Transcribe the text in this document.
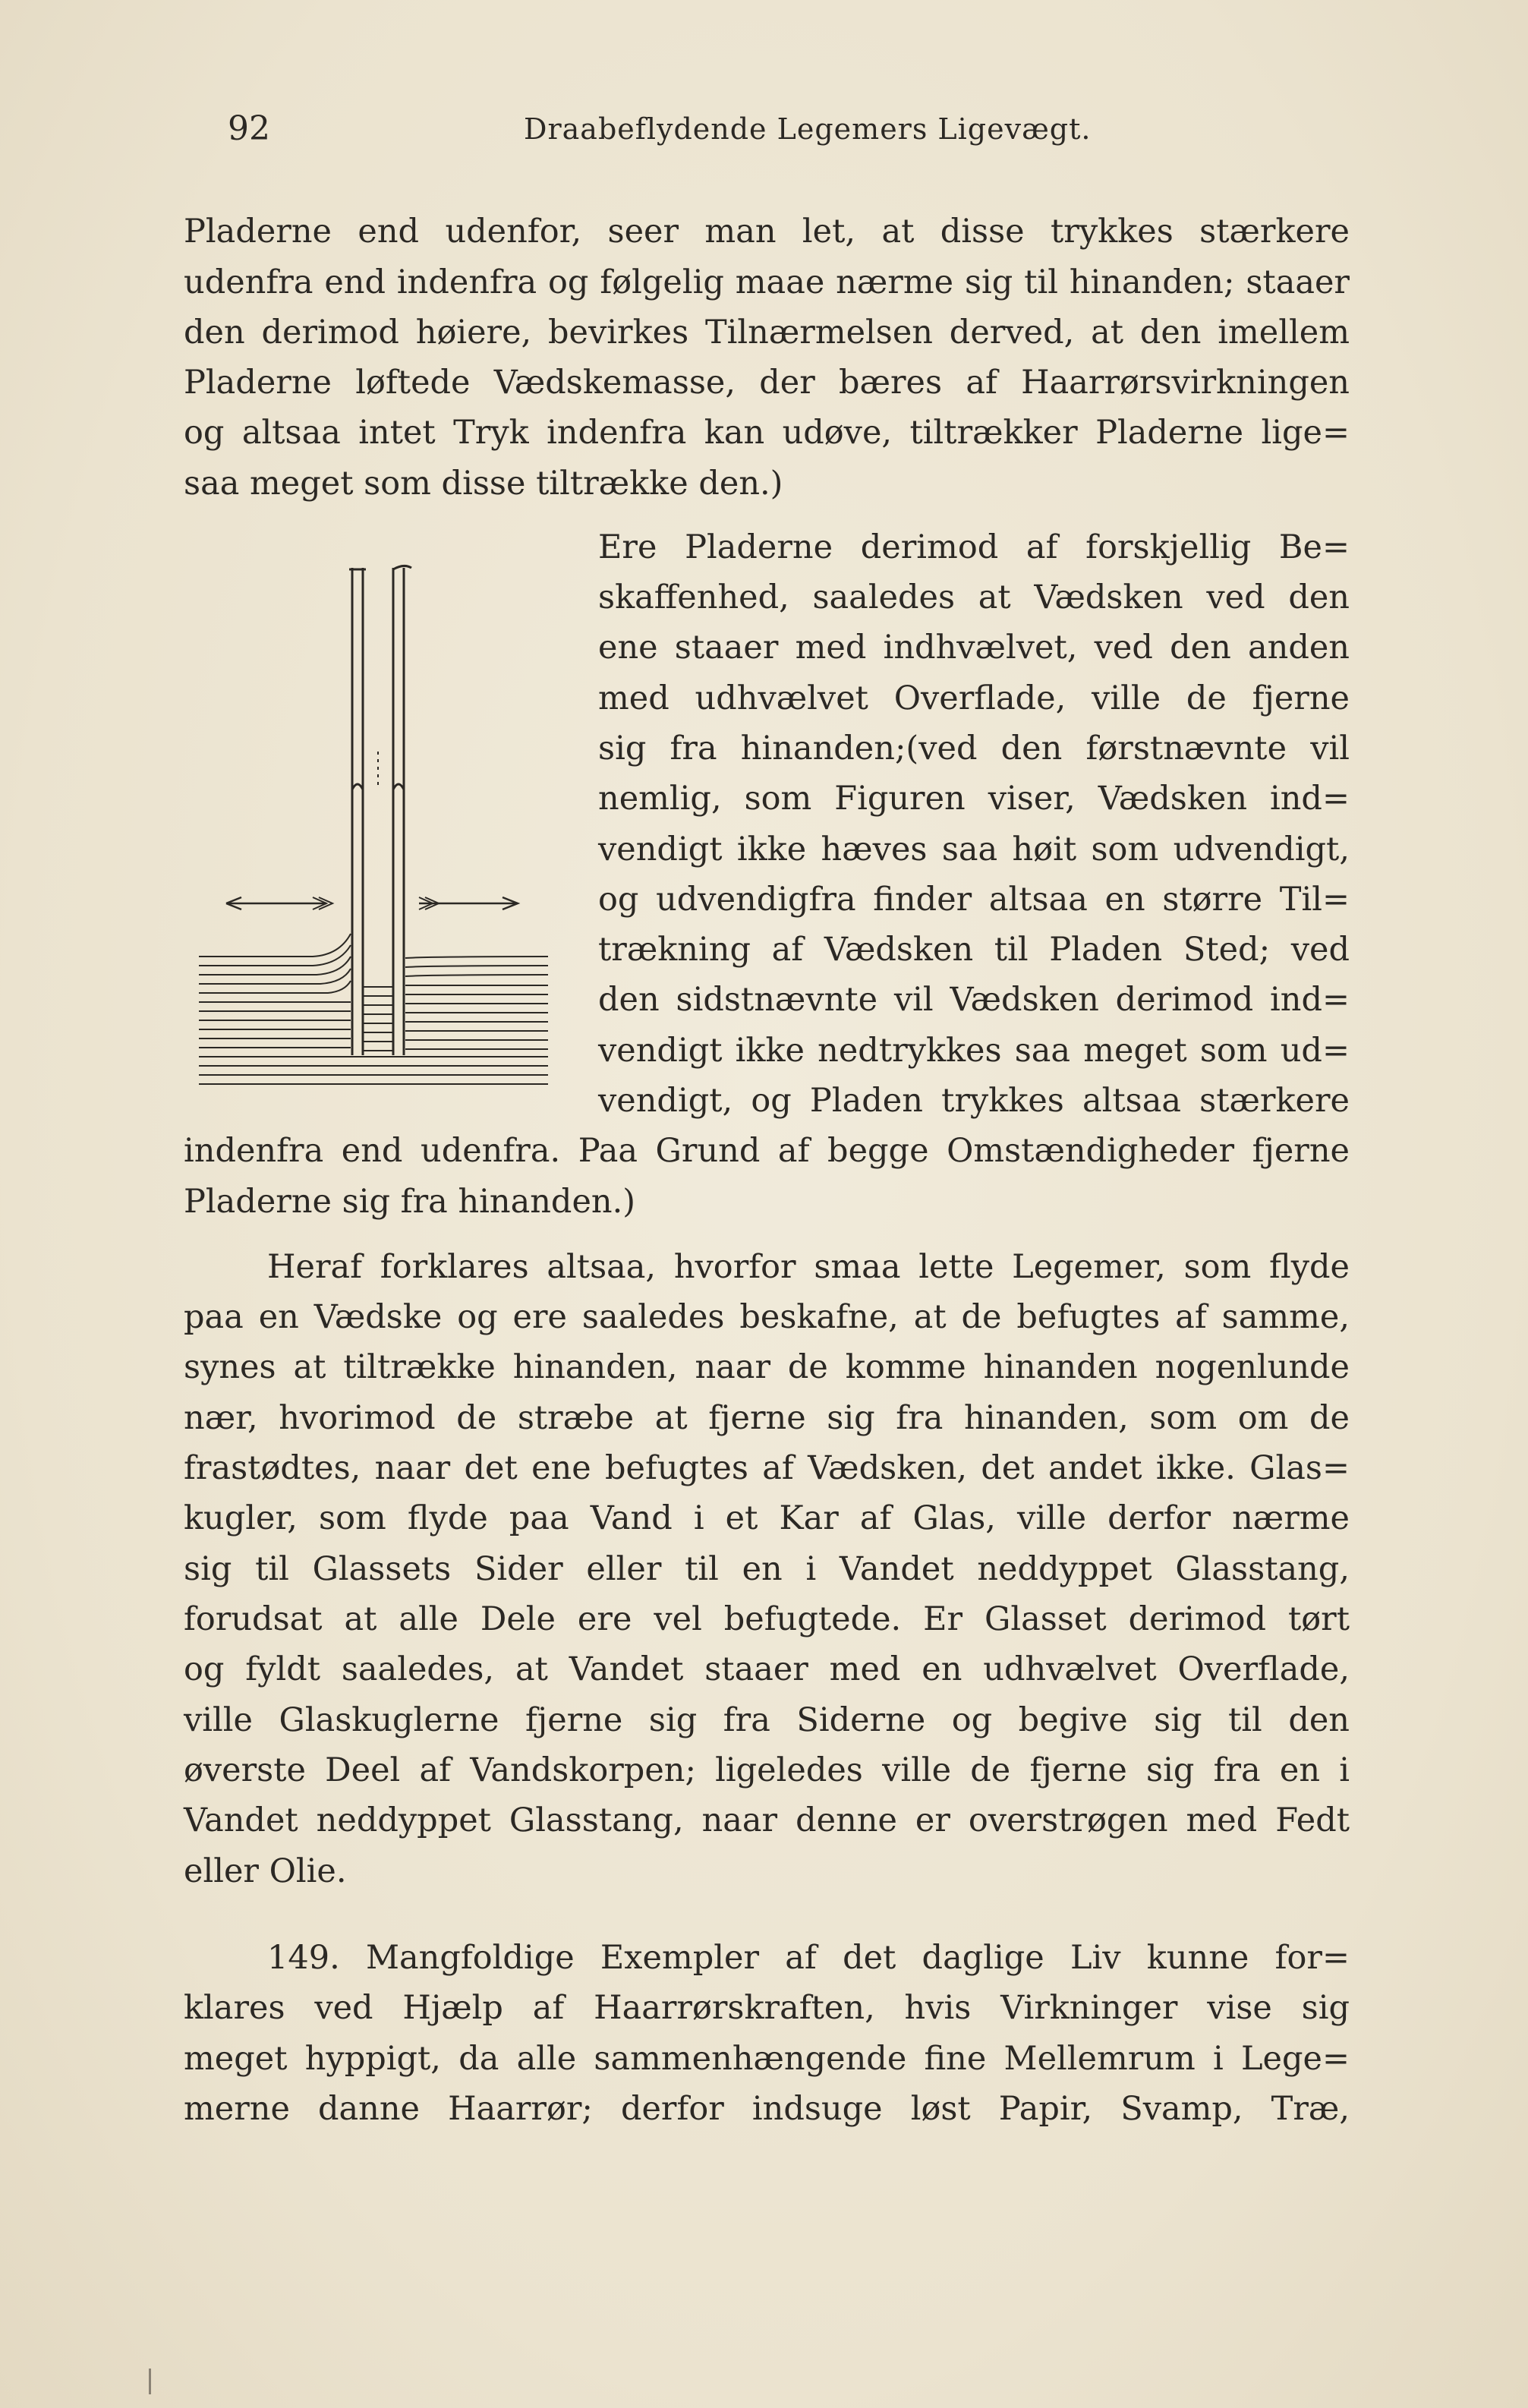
92	Draabeflydende Legemers Ligevægt.
Pladerne end udenfor, seer man let, at disse trykkes stærkere
udenfra end indenfra og følgelig maae nærme sig til hinanden; staaer
den derimod høiere, bevirkes Tilnærmelsen derved, at den imellem
Pladerne løftede Vædskemasse, der bæres af Haarrørsvirkningen
og altsaa intet Tryk indenfra kan udøve, tiltrækker Pladerne lige=
saa meget som disse tiltrække den.)
Ere Pladerne derimod af forskjellig Be=
skaffenhed, saaledes at Vædsken ved den
ene staaer med indhvælvet, ved den anden
med udhvælvet Overflade, ville de fjerne
sig fra hinanden;(ved den førstnævnte vil
nemlig, som Figuren viser, Vædsken ind=
vendigt ikke hæves saa høit som udvendigt,
og udvendigfra finder altsaa en større Til=
trækning af Vædsken til Pladen Sted; ved
den sidstnævnte vil Vædsken derimod ind=
vendigt ikke nedtrykkes saa meget som ud=
vendigt, og Pladen trykkes altsaa stærkere
indenfra end udenfra. Paa Grund af begge Omstændigheder fjerne
Pladerne sig fra hinanden.)
Heraf forklares altsaa, hvorfor smaa lette Legemer, som flyde
paa en Vædske og ere saaledes beskafne, at de befugtes af samme,
synes at tiltrække hinanden, naar de komme hinanden nogenlunde
nær, hvorimod de stræbe at fjerne sig fra hinanden, som om de
frastødtes, naar det ene befugtes af Vædsken, det andet ikke. Glas=
kugler, som flyde paa Vand i et Kar af Glas, ville derfor nærme
sig til Glassets Sider eller til en i Vandet neddyppet Glasstang,
forudsat at alle Dele ere vel befugtede. Er Glasset derimod tørt
og fyldt saaledes, at Vandet staaer med en udhvælvet Overflade,
ville Glaskuglerne fjerne sig fra Siderne og begive sig til den
øverste Deel af Vandskorpen; ligeledes ville de fjerne sig fra en i
Vandet neddyppet Glasstang, naar denne er overstrøgen med Fedt
eller Olie.
149. Mangfoldige Exempler af det daglige Liv kunne for=
klares ved Hjælp af Haarrørskraften, hvis Virkninger vise sig
meget hyppigt, da alle sammenhængende fine Mellemrum i Lege=
merne danne Haarrør; derfor indsuge løst Papir, Svamp, Træ,
